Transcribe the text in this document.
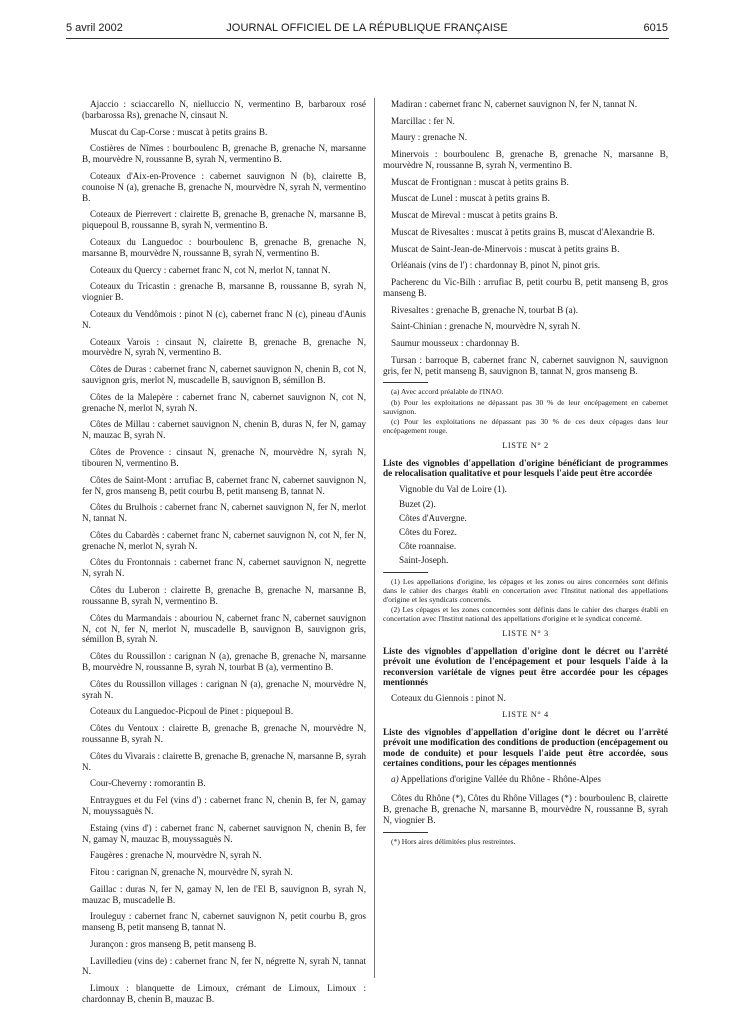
5 avril 2002	JOURNAL OFFICIEL DE LA RÉPUBLIQUE FRANÇAISE	6015
Ajaccio : sciaccarello N, nielluccio N, vermentino B, barbaroux rosé (barbarossa Rs), grenache N, cinsaut N.
Muscat du Cap-Corse : muscat à petits grains B.
Costières de Nîmes : bourboulenc B, grenache B, grenache N, marsanne B, mourvèdre N, roussanne B, syrah N, vermentino B.
Coteaux d'Aix-en-Provence : cabernet sauvignon N (b), clairette B, counoise N (a), grenache B, grenache N, mourvèdre N, syrah N, vermentino B.
Coteaux de Pierrevert : clairette B, grenache B, grenache N, marsanne B, piquepoul B, roussanne B, syrah N, vermentino B.
Coteaux du Languedoc : bourboulenc B, grenache B, grenache N, marsanne B, mourvèdre N, roussanne B, syrah N, vermentino B.
Coteaux du Quercy : cabernet franc N, cot N, merlot N, tannat N.
Coteaux du Tricastin : grenache B, marsanne B, roussanne B, syrah N, viognier B.
Coteaux du Vendômois : pinot N (c), cabernet franc N (c), pineau d'Aunis N.
Coteaux Varois : cinsaut N, clairette B, grenache B, grenache N, mourvèdre N, syrah N, vermentino B.
Côtes de Duras : cabernet franc N, cabernet sauvignon N, chenin B, cot N, sauvignon gris, merlot N, muscadelle B, sauvignon B, sémillon B.
Côtes de la Malepère : cabernet franc N, cabernet sauvignon N, cot N, grenache N, merlot N, syrah N.
Côtes de Millau : cabernet sauvignon N, chenin B, duras N, fer N, gamay N, mauzac B, syrah N.
Côtes de Provence : cinsaut N, grenache N, mourvèdre N, syrah N, tibouren N, vermentino B.
Côtes de Saint-Mont : arrufiac B, cabernet franc N, cabernet sauvignon N, fer N, gros manseng B, petit courbu B, petit manseng B, tannat N.
Côtes du Brulhois : cabernet franc N, cabernet sauvignon N, fer N, merlot N, tannat N.
Côtes du Cabardès : cabernet franc N, cabernet sauvignon N, cot N, fer N, grenache N, merlot N, syrah N.
Côtes du Frontonnais : cabernet franc N, cabernet sauvignon N, negrette N, syrah N.
Côtes du Luberon : clairette B, grenache B, grenache N, marsanne B, roussanne B, syrah N, vermentino B.
Côtes du Marmandais : abouriou N, cabernet franc N, cabernet sauvignon N, cot N, fer N, merlot N, muscadelle B, sauvignon B, sauvignon gris, sémillon B, syrah N.
Côtes du Roussillon : carignan N (a), grenache B, grenache N, marsanne B, mourvèdre N, roussanne B, syrah N, tourbat B (a), vermentino B.
Côtes du Roussillon villages : carignan N (a), grenache N, mourvèdre N, syrah N.
Coteaux du Languedoc-Picpoul de Pinet : piquepoul B.
Côtes du Ventoux : clairette B, grenache B, grenache N, mourvèdre N, roussanne B, syrah N.
Côtes du Vivarais : clairette B, grenache B, grenache N, marsanne B, syrah N.
Cour-Cheverny : romorantin B.
Entraygues et du Fel (vins d') : cabernet franc N, chenin B, fer N, gamay N, mouyssaguès N.
Estaing (vins d') : cabernet franc N, cabernet sauvignon N, chenin B, fer N, gamay N, mauzac B, mouyssaguès N.
Faugères : grenache N, mourvèdre N, syrah N.
Fitou : carignan N, grenache N, mourvèdre N, syrah N.
Gaillac : duras N, fer N, gamay N, len de l'El B, sauvignon B, syrah N, mauzac B, muscadelle B.
Irouleguy : cabernet franc N, cabernet sauvignon N, petit courbu B, gros manseng B, petit manseng B, tannat N.
Jurançon : gros manseng B, petit manseng B.
Lavilledieu (vins de) : cabernet franc N, fer N, négrette N, syrah N, tannat N.
Limoux : blanquette de Limoux, crémant de Limoux, Limoux : chardonnay B, chenin B, mauzac B.
Madiran : cabernet franc N, cabernet sauvignon N, fer N, tannat N.
Marcillac : fer N.
Maury : grenache N.
Minervois : bourboulenc B, grenache B, grenache N, marsanne B, mourvèdre N, roussanne B, syrah N, vermentino B.
Muscat de Frontignan : muscat à petits grains B.
Muscat de Lunel : muscat à petits grains B.
Muscat de Mireval : muscat à petits grains B.
Muscat de Rivesaltes : muscat à petits grains B, muscat d'Alexandrie B.
Muscat de Saint-Jean-de-Minervois : muscat à petits grains B.
Orléanais (vins de l') : chardonnay B, pinot N, pinot gris.
Pacherenc du Vic-Bilh : arrufiac B, petit courbu B, petit manseng B, gros manseng B.
Rivesaltes : grenache B, grenache N, tourbat B (a).
Saint-Chinian : grenache N, mourvèdre N, syrah N.
Saumur mousseux : chardonnay B.
Tursan : barroque B, cabernet franc N, cabernet sauvignon N, sauvignon gris, fer N, petit manseng B, sauvignon B, tannat N, gros manseng B.
(a) Avec accord préalable de l'INAO.
(b) Pour les exploitations ne dépassant pas 30 % de leur encépagement en cabernet sauvignon.
(c) Pour les exploitations ne dépassant pas 30 % de ces deux cépages dans leur encépagement rouge.
LISTE N° 2
Liste des vignobles d'appellation d'origine bénéficiant de programmes de relocalisation qualitative et pour lesquels l'aide peut être accordée
Vignoble du Val de Loire (1).
Buzet (2).
Côtes d'Auvergne.
Côtes du Forez.
Côte roannaise.
Saint-Joseph.
(1) Les appellations d'origine, les cépages et les zones ou aires concernées sont définis dans le cahier des charges établi en concertation avec l'Institut national des appellations d'origine et les syndicats concernés.
(2) Les cépages et les zones concernées sont définis dans le cahier des charges établi en concertation avec l'Institut national des appellations d'origine et le syndicat concerné.
LISTE N° 3
Liste des vignobles d'appellation d'origine dont le décret ou l'arrêté prévoit une évolution de l'encépagement et pour lesquels l'aide à la reconversion variétale de vignes peut être accordée pour les cépages mentionnés
Coteaux du Giennois : pinot N.
LISTE N° 4
Liste des vignobles d'appellation d'origine dont le décret ou l'arrêté prévoit une modification des conditions de production (encépagement ou mode de conduite) et pour lesquels l'aide peut être accordée, sous certaines conditions, pour les cépages mentionnés
a) Appellations d'origine Vallée du Rhône - Rhône-Alpes
Côtes du Rhône (*), Côtes du Rhône Villages (*) : bourboulenc B, clairette B, grenache B, grenache N, marsanne B, mourvèdre N, roussanne B, syrah N, viognier B.
(*) Hors aires délimitées plus restreintes.
